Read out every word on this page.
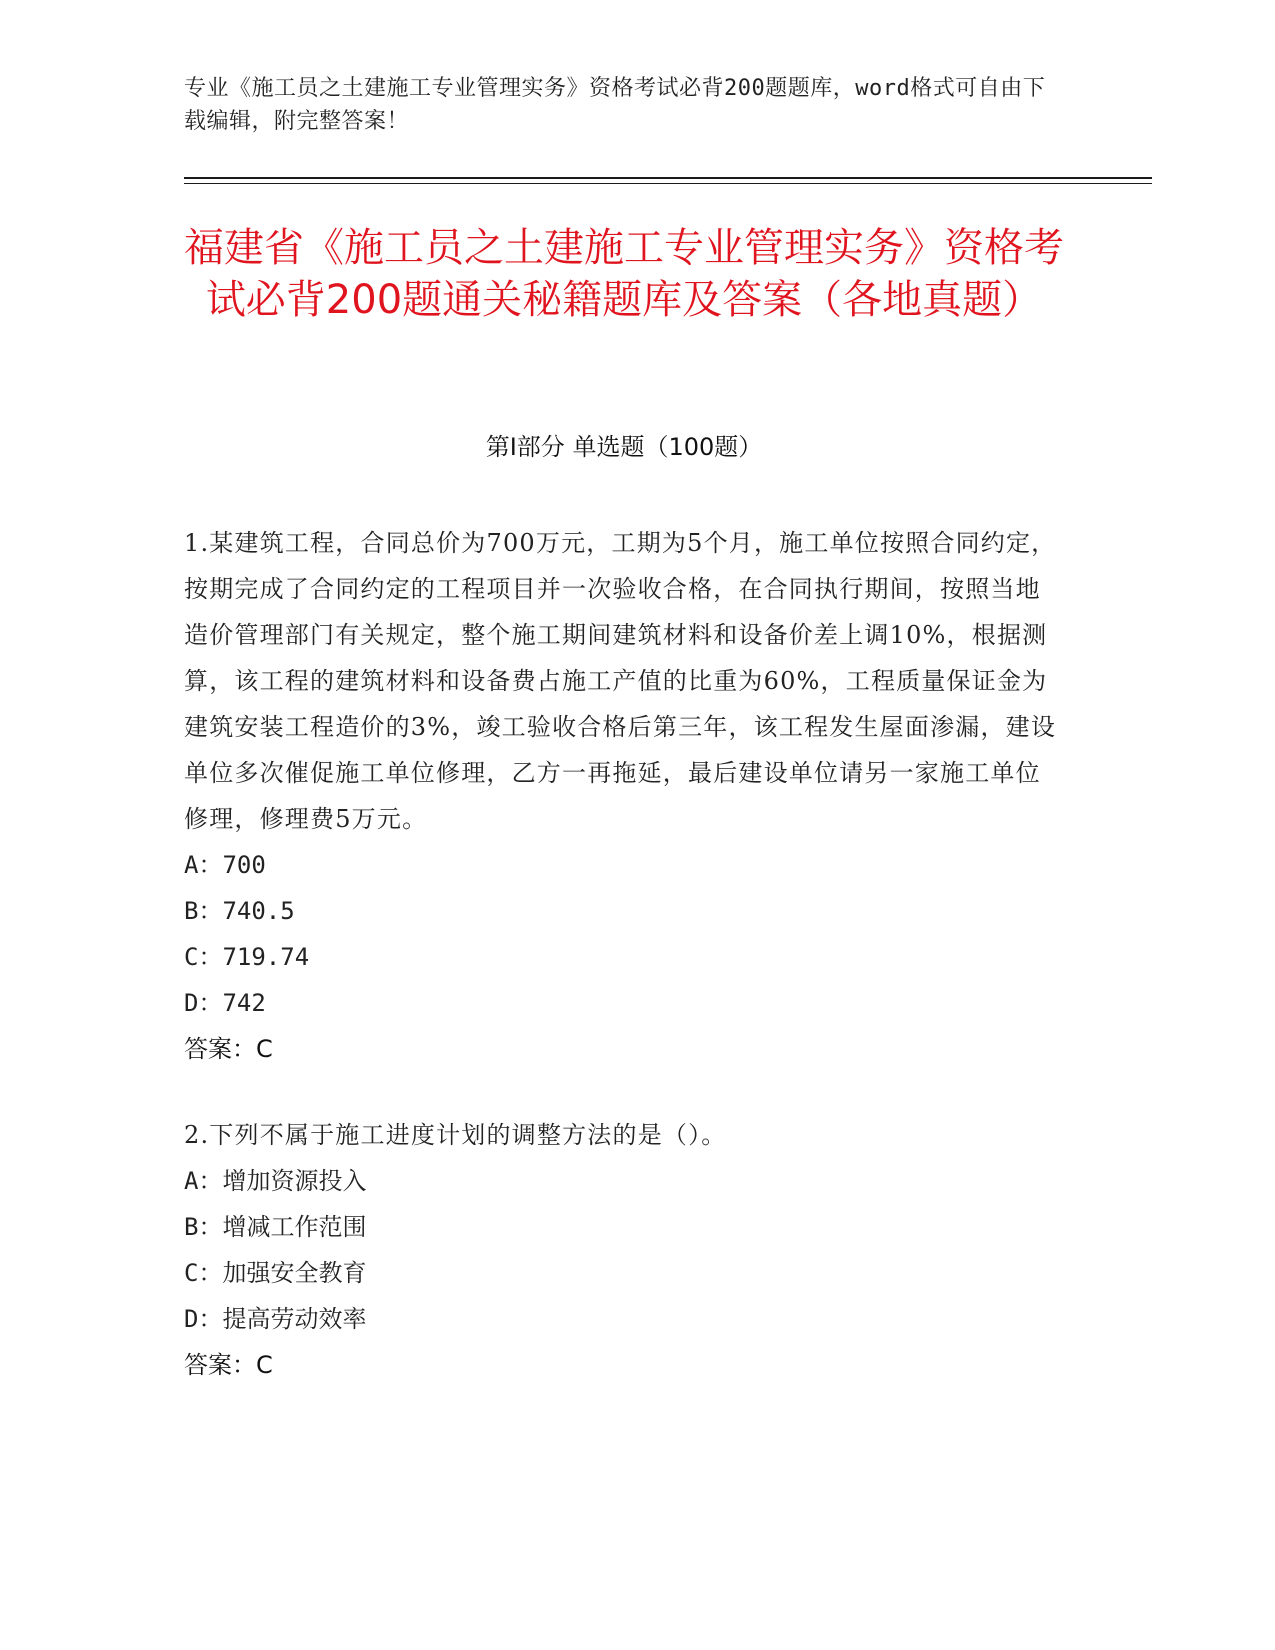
专业《施工员之土建施工专业管理实务》资格考试必背200题题库，word格式可自由下载编辑，附完整答案！
福建省《施工员之土建施工专业管理实务》资格考试必背200题通关秘籍题库及答案（各地真题）
第I部分 单选题（100题）
1.某建筑工程，合同总价为700万元，工期为5个月，施工单位按照合同约定，按期完成了合同约定的工程项目并一次验收合格，在合同执行期间，按照当地造价管理部门有关规定，整个施工期间建筑材料和设备价差上调10%，根据测算，该工程的建筑材料和设备费占施工产值的比重为60%，工程质量保证金为建筑安装工程造价的3%，竣工验收合格后第三年，该工程发生屋面渗漏，建设单位多次催促施工单位修理，乙方一再拖延，最后建设单位请另一家施工单位修理，修理费5万元。
A：700
B：740.5
C：719.74
D：742
答案：C
2.下列不属于施工进度计划的调整方法的是（）。
A：增加资源投入
B：增减工作范围
C：加强安全教育
D：提高劳动效率
答案：C
